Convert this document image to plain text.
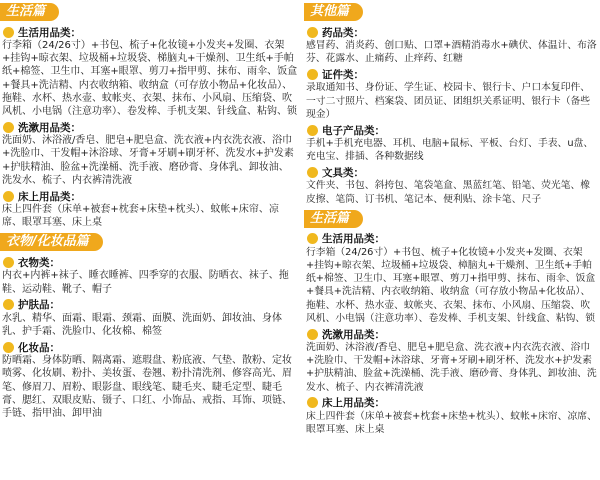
生活篇
生活用品类：
行李箱（24/26寸）+书包、梳子+化妆镜+小发夹+发圈、衣架+挂钩+晾衣架、垃圾桶+垃圾袋、梯脑丸+干燥剂、卫生纸+手帕纸+棉签、卫生巾、耳塞+眼罩、剪刀+指甲剪、抹布、雨伞、饭盒+餐具+洗洁精、内衣收纳箱、收纳盒（可存放小物品+化妆品）、拖鞋、水杯、热水壶、蚊帐夹、衣架、抹布、小风扇、压缩袋、吹风机、小电锅（注意功率）、卷发棒、手机支架、针线盒、粘钩、锁
洗漱用品类：
洗面奶、沐浴液/香皂、肥皂+肥皂盒、洗衣液+内衣洗衣液、浴巾+洗脸巾、干发帽+沐浴球、牙膏+牙刷+刷牙杯、洗发水+护发素+护肤精油、脸盆+洗澡桶、洗手液、磨砂膏、身体乳、卸妆油、洗发水、梳子、内衣裤清洗液
床上用品类：
床上四件套（床单+被套+枕套+床垫+枕头）、蚊帐+床帘、凉席、眼罩耳塞、床上桌
衣物/化妆品篇
衣物类：
内衣+内裤+袜子、睡衣睡裤、四季穿的衣服、防晒衣、袜子、拖鞋、运动鞋、靴子、帽子
护肤品：
水乳、精华、面霜、眼霜、颈霜、面膜、洗面奶、卸妆油、身体乳、护手霜、洗脸巾、化妆棉、棉签
化妆品：
防晒霜、身体防晒、隔离霜、遮瑕盘、粉底液、气垫、散粉、定妆喷雾、化妆刷、粉扑、美妆蛋、卷翘、粉扑清洗剂、修容高光、眉笔、修眉刀、眉粉、眼影盘、眼线笔、睫毛夹、睫毛定型、睫毛膏、腮红、双眼皮贴、镊子、口红、小饰品、戒指、耳饰、项链、手链、指甲油、卸甲油
其他篇
药品类：
感冒药、消炎药、创口贴、口罩+酒精消毒水+碘伏、体温计、布洛芬、花露水、止痛药、止痒药、红糖
证件类：
录取通知书、身份证、学生证、校园卡、银行卡、户口本复印件、一寸二寸照片、档案袋、团员证、团组织关系证明、银行卡（备些现金）
电子产品类：
手机+手机充电器、耳机、电脑+鼠标、平板、台灯、手表、u盘、充电宝、排插、各种数据线
文具类：
文件夹、书包、斜挎包、笔袋笔盒、黑蓝红笔、铅笔、荧光笔、橡皮擦、笔筒、订书机、笔记本、便利贴、涂卡笔、尺子
生活篇
生活用品类：
行李箱（24/26寸）+书包、梳子+化妆镜+小发夹+发圈、衣架+挂钩+晾衣架、垃圾桶+垃圾袋、樟脑丸+干燥剂、卫生纸+手帕纸+棉签、卫生巾、耳塞+眼罩、剪刀+指甲剪、抹布、雨伞、饭盒+餐具+洗洁精、内衣收纳箱、收纳盒（可存放小物品+化妆品）、拖鞋、水杯、热水壶、蚊帐夹、衣架、抹布、小风扇、压缩袋、吹风机、小电锅（注意功率）、卷发棒、手机支架、针线盒、粘钩、锁
洗漱用品类：
洗面奶、沐浴液/香皂、肥皂+肥皂盒、洗衣液+内衣洗衣液、浴巾+洗脸巾、干发帽+沐浴球、牙膏+牙刷+刷牙杯、洗发水+护发素+护肤精油、脸盆+洗澡桶、洗手液、磨砂膏、身体乳、卸妆油、洗发水、梳子、内衣裤清洗液
床上用品类：
床上四件套（床单+被套+枕套+床垫+枕头）、蚊帐+床帘、凉席、眼罩耳塞、床上桌
